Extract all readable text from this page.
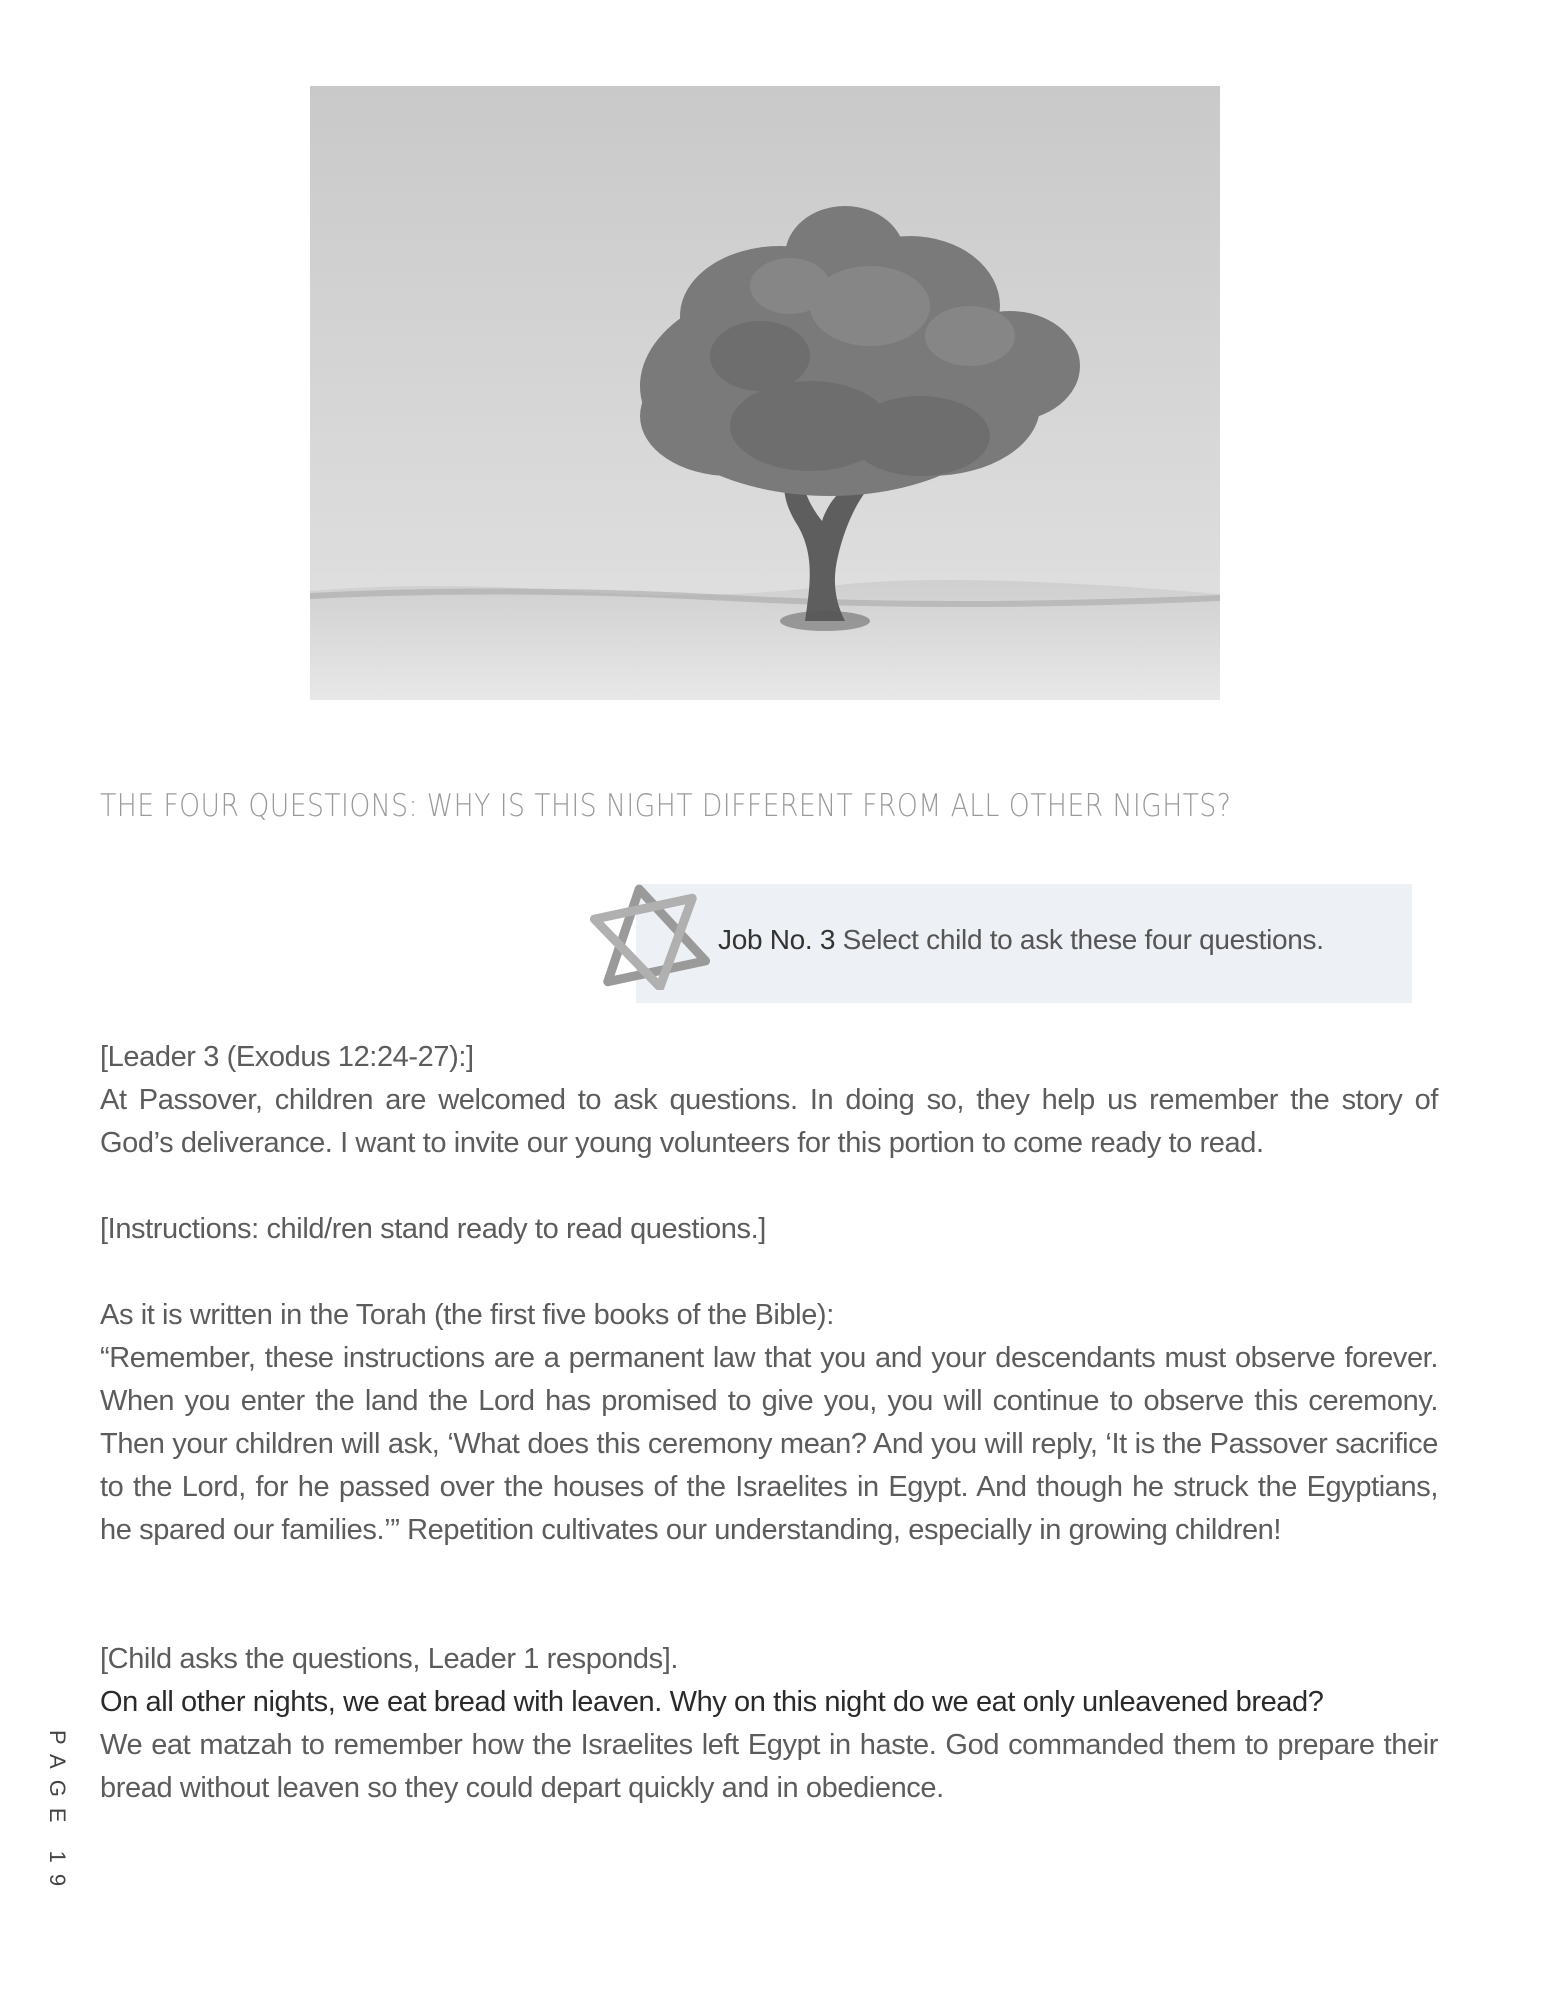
THE FOUR QUESTIONS: WHY IS THIS NIGHT DIFFERENT FROM ALL OTHER NIGHTS?
Job No. 3 Select child to ask these four questions.

[Leader 3 (Exodus 12:24-27):]

At Passover, children are welcomed to ask questions. In doing so, they help us remember the story of God’s deliverance. I want to invite our young volunteers for this portion to come ready to read.

[Instructions: child/ren stand ready to read questions.]

As it is written in the Torah (the first five books of the Bible):

“Remember, these instructions are a permanent law that you and your descendants must observe forever. When you enter the land the Lord has promised to give you, you will continue to observe this ceremony. Then your children will ask, ‘What does this ceremony mean? And you will reply, ‘It is the Passover sacrifice to the Lord, for he passed over the houses of the Israelites in Egypt. And though he struck the Egyptians, he spared our families.’” Repetition cultivates our understanding, especially in growing children!

[Child asks the questions, Leader 1 responds].

On all other nights, we eat bread with leaven. Why on this night do we eat only unleavened bread?

We eat matzah to remember how the Israelites left Egypt in haste. God commanded them to prepare their bread without leaven so they could depart quickly and in obedience.

PAGE 19
